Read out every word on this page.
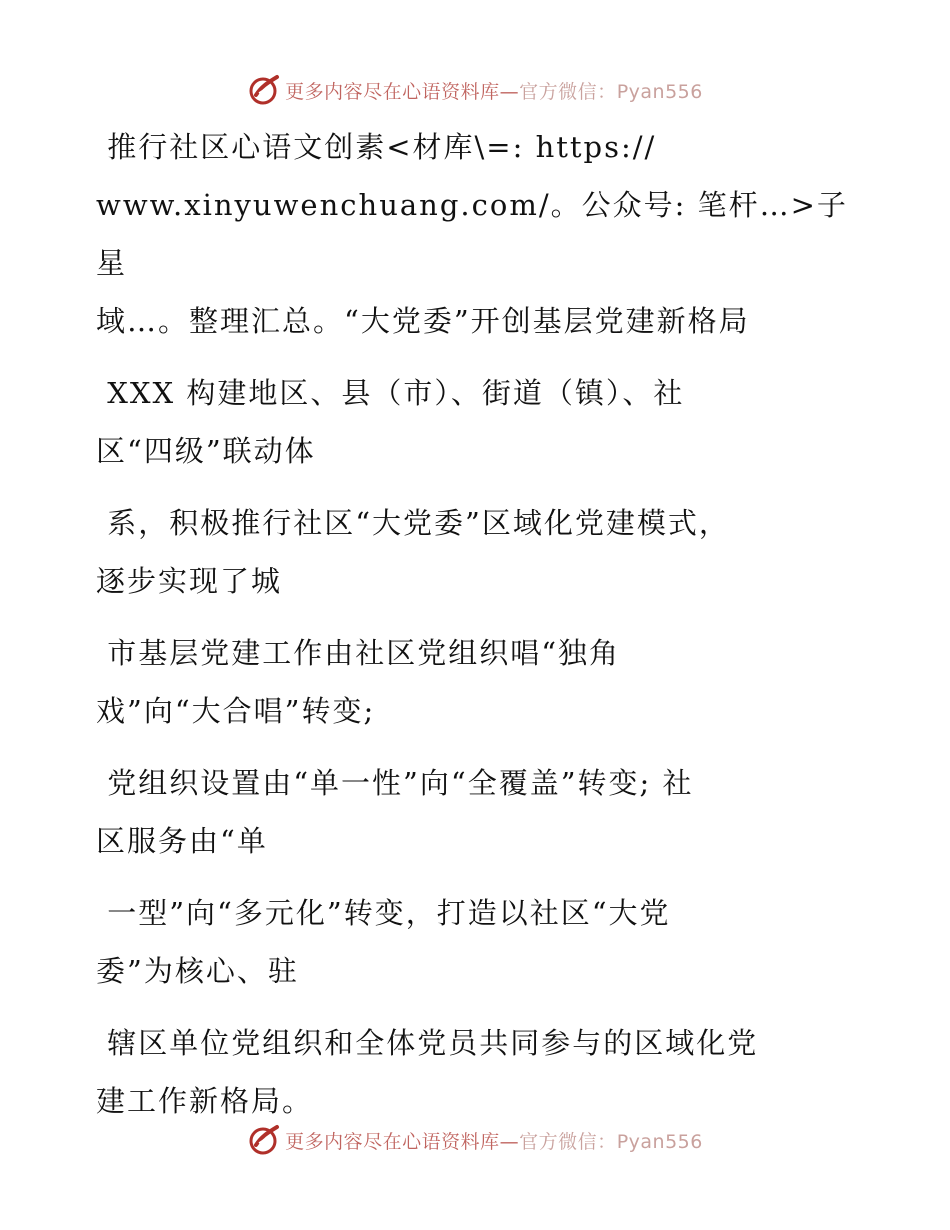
更多内容尽在心语资料库—官方微信：Pyan556

推行社区心语文创素<材库\=: https://
www.xinyuwenchuang.com/。公众号: 笔杆…>子星
域…。整理汇总。“大党委”开创基层党建新格局

XXX 构建地区、县（市）、街道（镇）、社
区“四级”联动体

系，积极推行社区“大党委”区域化党建模式，
逐步实现了城

市基层党建工作由社区党组织唱“独角
戏”向“大合唱”转变;

党组织设置由“单一性”向“全覆盖”转变; 社
区服务由“单

一型”向“多元化”转变，打造以社区“大党
委”为核心、驻

辖区单位党组织和全体党员共同参与的区域化党
建工作新格局。

更多内容尽在心语资料库—官方微信：Pyan556
